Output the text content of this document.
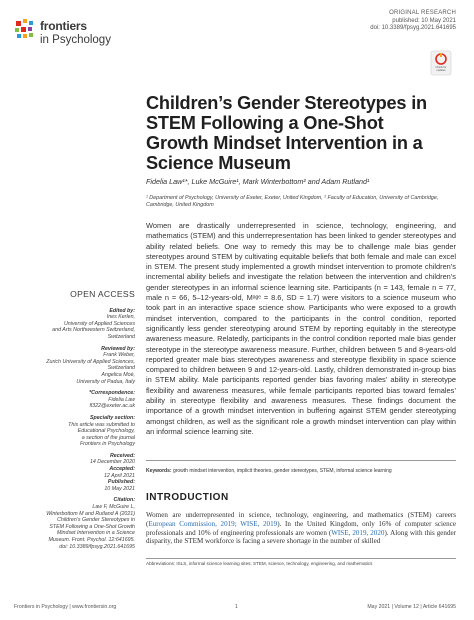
frontiers
in Psychology
ORIGINAL RESEARCH
published: 10 May 2021
doi: 10.3389/fpsyg.2021.641695
Check for updates
Children’s Gender Stereotypes in STEM Following a One-Shot Growth Mindset Intervention in a Science Museum
Fidelia Law¹*, Luke McGuire¹, Mark Winterbottom² and Adam Rutland¹
¹ Department of Psychology, University of Exeter, Exeter, United Kingdom, ² Faculty of Education, University of Cambridge, Cambridge, United Kingdom
Women are drastically underrepresented in science, technology, engineering, and mathematics (STEM) and this underrepresentation has been linked to gender stereotypes and ability related beliefs. One way to remedy this may be to challenge male bias gender stereotypes around STEM by cultivating equitable beliefs that both female and male can excel in STEM. The present study implemented a growth mindset intervention to promote children’s incremental ability beliefs and investigate the relation between the intervention and children’s gender stereotypes in an informal science learning site. Participants (n = 143, female n = 77, male n = 66, 5–12-years-old, Mᵃᵍᵉ = 8.6, SD = 1.7) were visitors to a science museum who took part in an interactive space science show. Participants who were exposed to a growth mindset intervention, compared to the participants in the control condition, reported significantly less gender stereotyping around STEM by reporting equitably in the stereotype awareness measure. Relatedly, participants in the control condition reported male bias gender stereotype in the stereotype awareness measure. Further, children between 5 and 8-years-old reported greater male bias stereotypes awareness and stereotype flexibility in space science compared to children between 9 and 12-years-old. Lastly, children demonstrated in-group bias in STEM ability. Male participants reported gender bias favoring males’ ability in stereotype flexibility and awareness measures, while female participants reported bias toward females’ ability in stereotype flexibility and awareness measures. These findings document the importance of a growth mindset intervention in buffering against STEM gender stereotyping amongst children, as well as the significant role a growth mindset intervention can play within an informal science learning site.
Keywords: growth mindset intervention, implicit theories, gender stereotypes, STEM, informal science learning
INTRODUCTION
Women are underrepresented in science, technology, engineering, and mathematics (STEM) careers (European Commission, 2019; WISE, 2019). In the United Kingdom, only 16% of computer science professionals and 10% of engineering professionals are women (WISE, 2019, 2020). Along with this gender disparity, the STEM workforce is facing a severe shortage in the number of skilled
Abbreviations: ISLS, informal science learning sites; STEM, science, technology, engineering, and mathematics
OPEN ACCESS
Edited by:
Ines Kerlen,
University of Applied Sciences
and Arts Northwestern Switzerland,
Switzerland
Reviewed by:
Frank Weber,
Zurich University of Applied Sciences,
Switzerland
Angelica Moè,
University of Padua, Italy
*Correspondence:
Fidelia Law
fl322@exeter.ac.uk
Specialty section:
This article was submitted to
Educational Psychology,
a section of the journal
Frontiers in Psychology
Received:
14 December 2020
Accepted:
12 April 2021
Published:
10 May 2021
Citation:
Law F, McGuire L,
Winterbottom M and Rutland A (2021)
Children’s Gender Stereotypes in
STEM Following a One-Shot Growth
Mindset Intervention in a Science
Museum. Front. Psychol. 12:641695.
doi: 10.3389/fpsyg.2021.641695
Frontiers in Psychology | www.frontiersin.org	1	May 2021 | Volume 12 | Article 641695
